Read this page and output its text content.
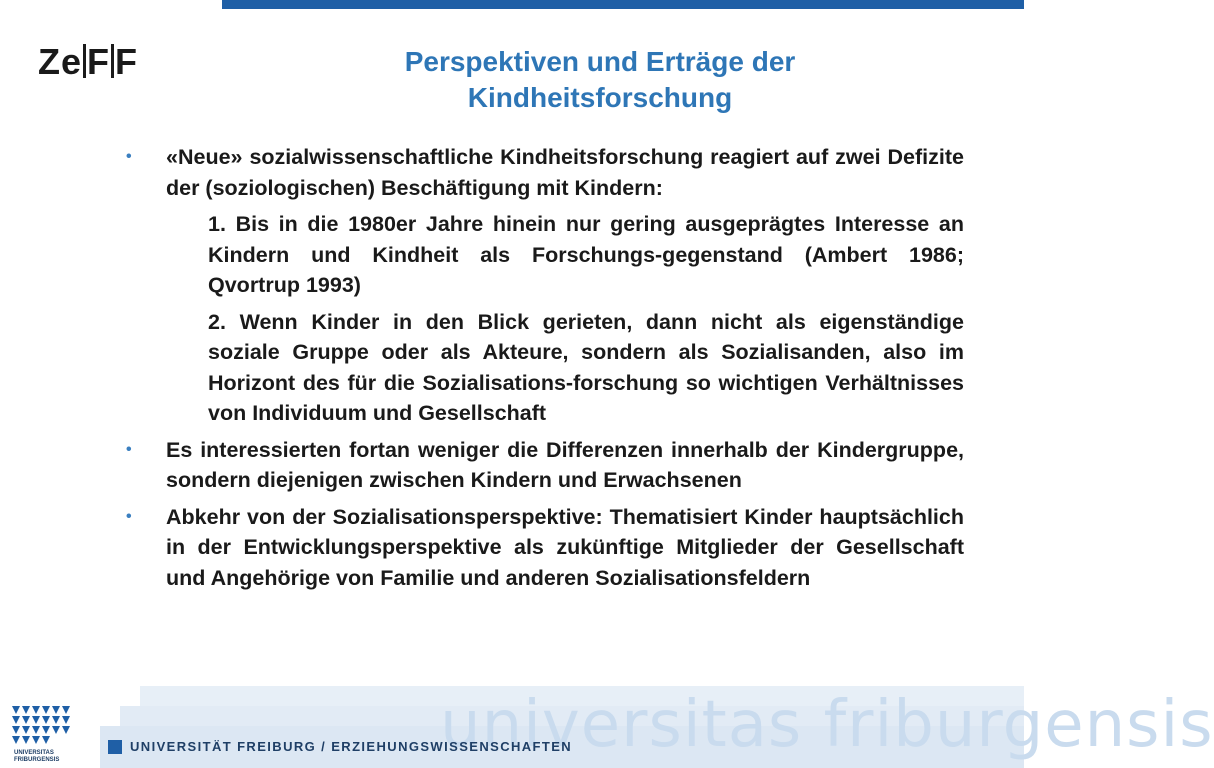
Ze F F	Perspektiven und Erträge der
Kindheitsforschung
• «Neue» sozialwissenschaftliche Kindheitsforschung reagiert auf zwei Defizite der (soziologischen) Beschäftigung mit Kindern:
1. Bis in die 1980er Jahre hinein nur gering ausgeprägtes Interesse an Kindern und Kindheit als Forschungs-gegenstand (Ambert 1986; Qvortrup 1993)
2. Wenn Kinder in den Blick gerieten, dann nicht als eigenständige soziale Gruppe oder als Akteure, sondern als Sozialisanden, also im Horizont des für die Sozialisations-forschung so wichtigen Verhältnisses von Individuum und Gesellschaft
• Es interessierten fortan weniger die Differenzen innerhalb der Kindergruppe, sondern diejenigen zwischen Kindern und Erwachsenen
• Abkehr von der Sozialisationsperspektive: Thematisiert Kinder hauptsächlich in der Entwicklungsperspektive als zukünftige Mitglieder der Gesellschaft und Angehörige von Familie und anderen Sozialisationsfeldern
universitas friburgensis
UNIVERSITAS
FRIBURGENSIS
UNIVERSITÄT FREIBURG / ERZIEHUNGSWISSENSCHAFTEN
